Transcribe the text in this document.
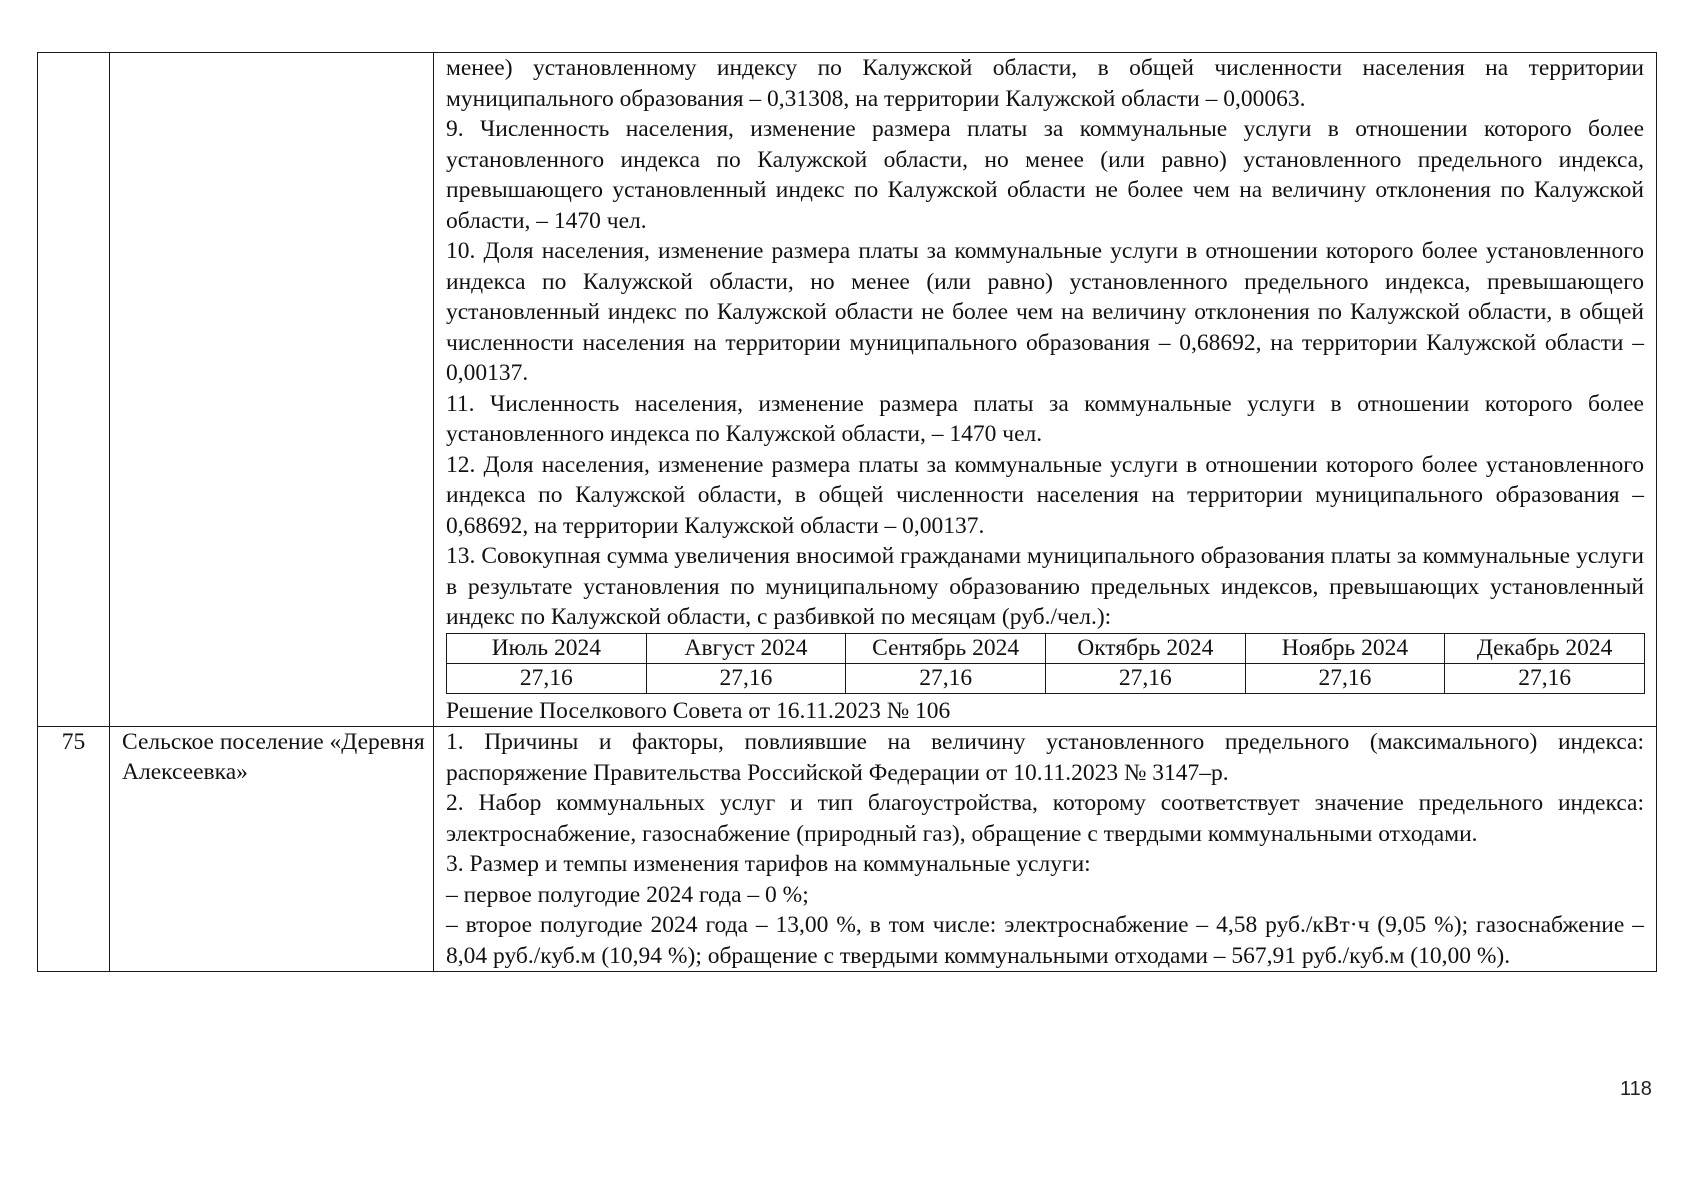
менее) установленному индексу по Калужской области, в общей численности населения на территории муниципального образования – 0,31308, на территории Калужской области – 0,00063.

9. Численность населения, изменение размера платы за коммунальные услуги в отношении которого более установленного индекса по Калужской области, но менее (или равно) установленного предельного индекса, превышающего установленный индекс по Калужской области не более чем на величину отклонения по Калужской области, – 1470 чел.

10. Доля населения, изменение размера платы за коммунальные услуги в отношении которого более установленного индекса по Калужской области, но менее (или равно) установленного предельного индекса, превышающего установленный индекс по Калужской области не более чем на величину отклонения по Калужской области, в общей численности населения на территории муниципального образования – 0,68692, на территории Калужской области – 0,00137.

11. Численность населения, изменение размера платы за коммунальные услуги в отношении которого более установленного индекса по Калужской области, – 1470 чел.

12. Доля населения, изменение размера платы за коммунальные услуги в отношении которого более установленного индекса по Калужской области, в общей численности населения на территории муниципального образования – 0,68692, на территории Калужской области – 0,00137.

13. Совокупная сумма увеличения вносимой гражданами муниципального образования платы за коммунальные услуги в результате установления по муниципальному образованию предельных индексов, превышающих установленный индекс по Калужской области, с разбивкой по месяцам (руб./чел.):

Июль 2024	Август 2024	Сентябрь 2024	Октябрь 2024	Ноябрь 2024	Декабрь 2024
27,16	27,16	27,16	27,16	27,16	27,16

Решение Поселкового Совета от 16.11.2023 № 106

75	Сельское поселение «Деревня Алексеевка»	

1. Причины и факторы, повлиявшие на величину установленного предельного (максимального) индекса: распоряжение Правительства Российской Федерации от 10.11.2023 № 3147–р.

2. Набор коммунальных услуг и тип благоустройства, которому соответствует значение предельного индекса: электроснабжение, газоснабжение (природный газ), обращение с твердыми коммунальными отходами.

3. Размер и темпы изменения тарифов на коммунальные услуги:

– первое полугодие 2024 года – 0 %;

– второе полугодие 2024 года – 13,00 %, в том числе: электроснабжение – 4,58 руб./кВт·ч (9,05 %); газоснабжение – 8,04 руб./куб.м (10,94 %); обращение с твердыми коммунальными отходами – 567,91 руб./куб.м (10,00 %).

118
